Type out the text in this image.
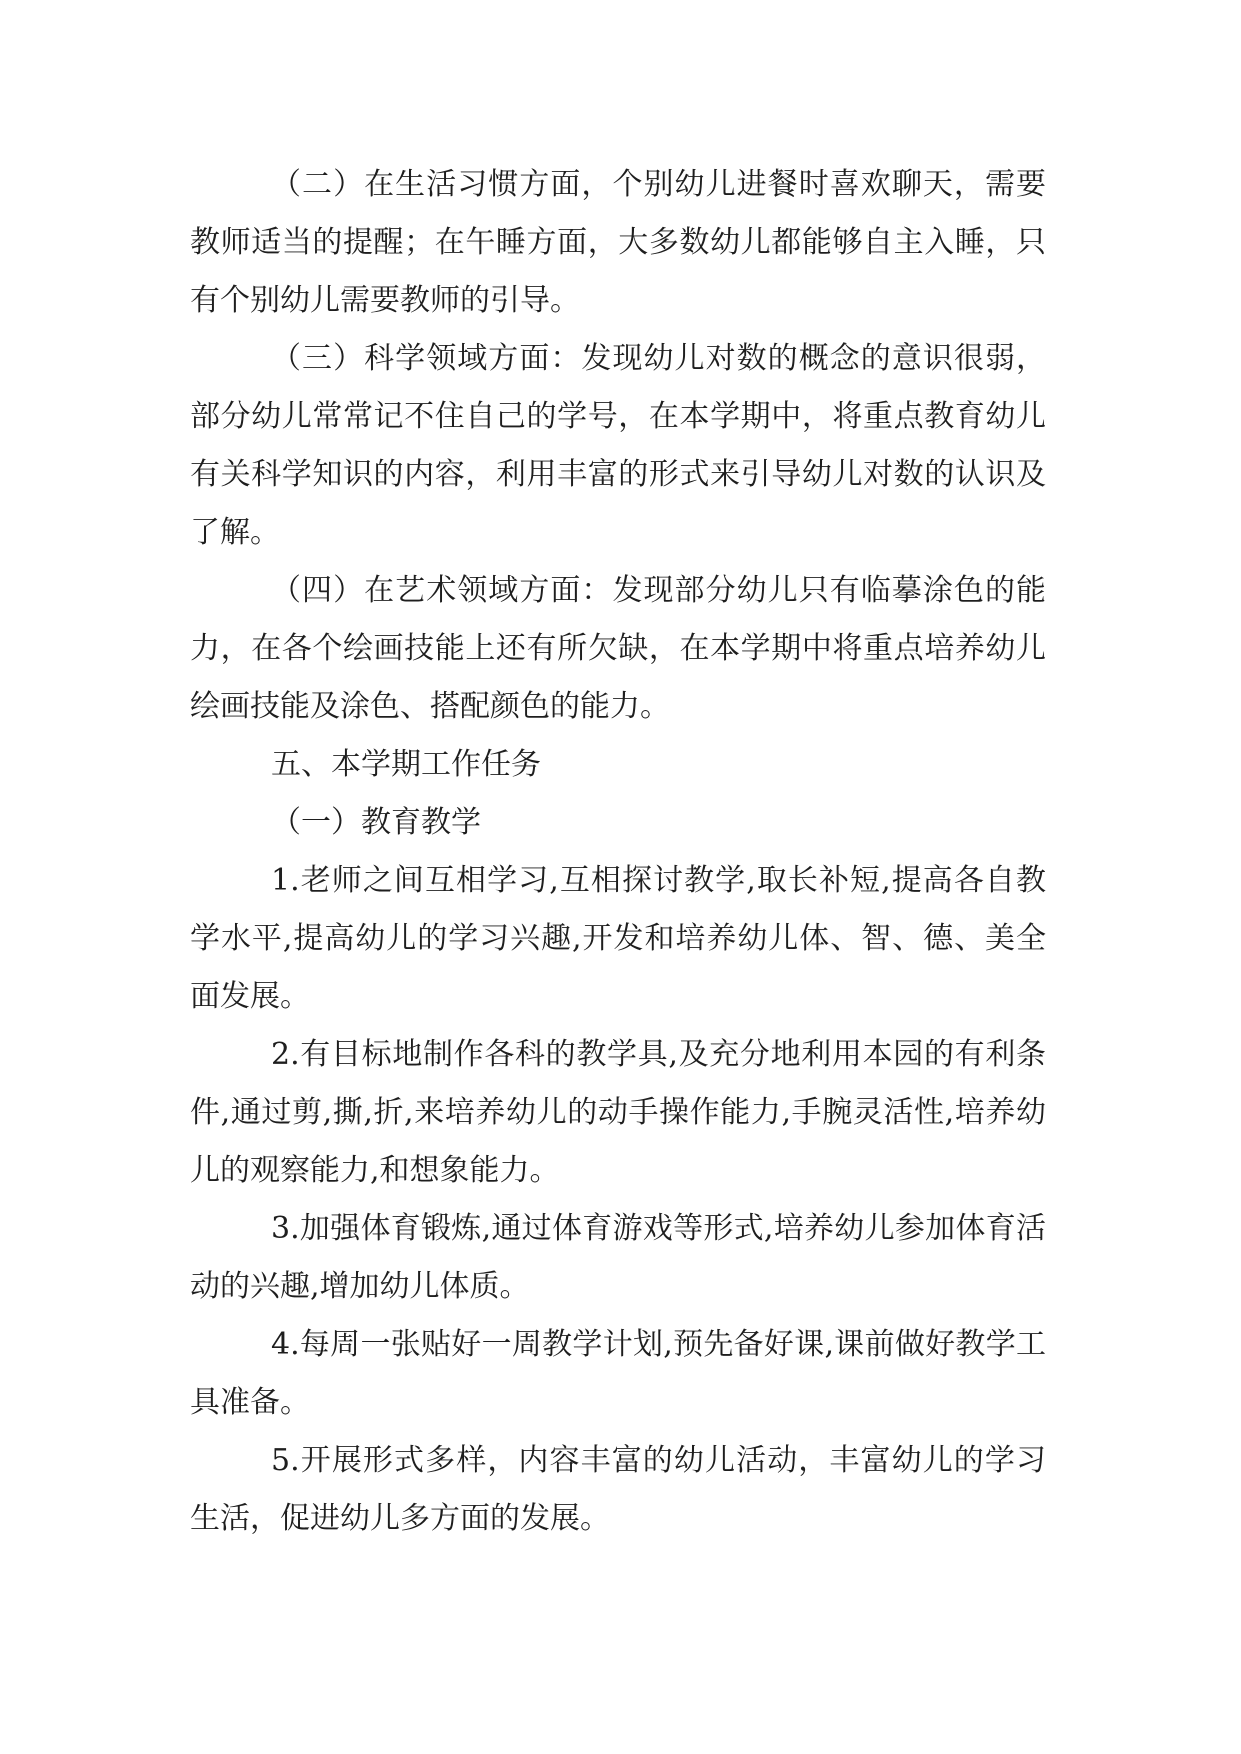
（二）在生活习惯方面，个别幼儿进餐时喜欢聊天，需要教师适当的提醒；在午睡方面，大多数幼儿都能够自主入睡，只有个别幼儿需要教师的引导。

（三）科学领域方面：发现幼儿对数的概念的意识很弱，部分幼儿常常记不住自己的学号，在本学期中，将重点教育幼儿有关科学知识的内容，利用丰富的形式来引导幼儿对数的认识及了解。

（四）在艺术领域方面：发现部分幼儿只有临摹涂色的能力，在各个绘画技能上还有所欠缺，在本学期中将重点培养幼儿绘画技能及涂色、搭配颜色的能力。

五、本学期工作任务

（一）教育教学

1.老师之间互相学习,互相探讨教学,取长补短,提高各自教学水平,提高幼儿的学习兴趣,开发和培养幼儿体、智、德、美全面发展。

2.有目标地制作各科的教学具,及充分地利用本园的有利条件,通过剪,撕,折,来培养幼儿的动手操作能力,手腕灵活性,培养幼儿的观察能力,和想象能力。

3.加强体育锻炼,通过体育游戏等形式,培养幼儿参加体育活动的兴趣,增加幼儿体质。

4.每周一张贴好一周教学计划,预先备好课,课前做好教学工具准备。

5.开展形式多样，内容丰富的幼儿活动，丰富幼儿的学习生活，促进幼儿多方面的发展。
